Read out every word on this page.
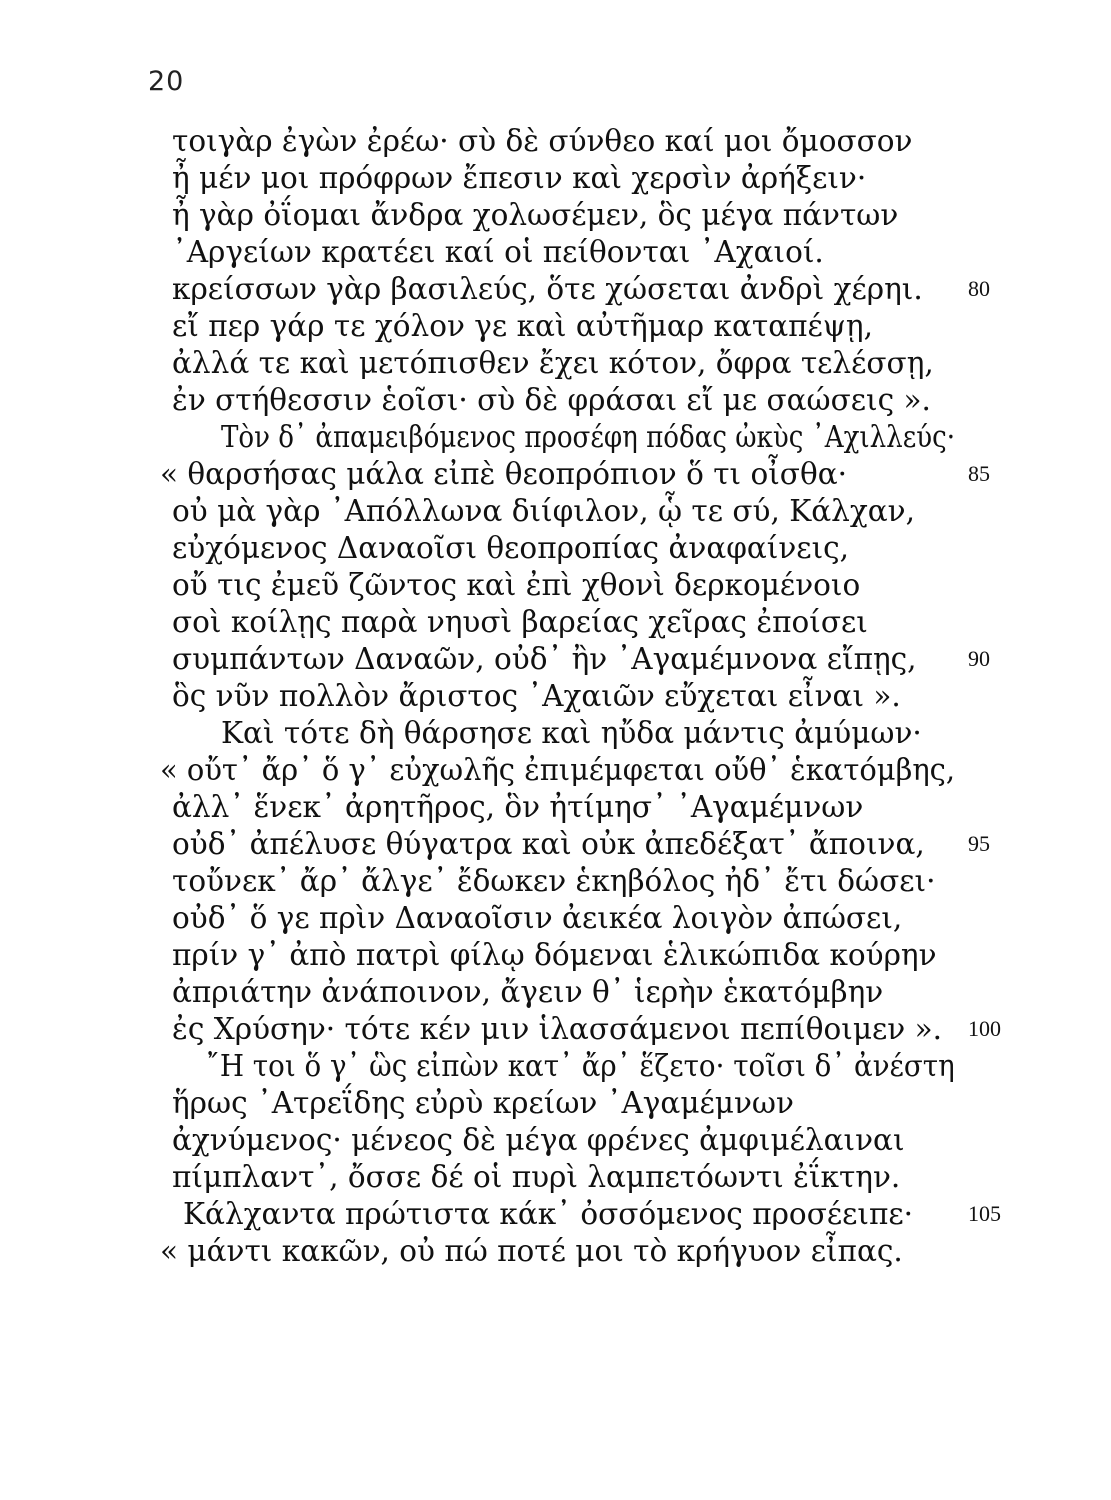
20
τοιγὰρ ἐγὼν ἐρέω· σὺ δὲ σύνθεο καί μοι ὄμοσσον
ἦ μέν μοι πρόφρων ἔπεσιν καὶ χερσὶν ἀρήξειν·
ἦ γὰρ ὀΐομαι ἄνδρα χολωσέμεν, ὃς μέγα πάντων
᾿Αργείων κρατέει καί οἱ πείθονται ᾿Αχαιοί.
κρείσσων γὰρ βασιλεύς, ὅτε χώσεται ἀνδρὶ χέρηι. 80
εἴ περ γάρ τε χόλον γε καὶ αὐτῆμαρ καταπέψῃ,
ἀλλά τε καὶ μετόπισθεν ἔχει κότον, ὄφρα τελέσσῃ,
ἐν στήθεσσιν ἑοῖσι· σὺ δὲ φράσαι εἴ με σαώσεις ».
Τὸν δ᾿ ἀπαμειβόμενος προσέφη πόδας ὠκὺς ᾿Αχιλλεύς·
« θαρσήσας μάλα εἰπὲ θεοπρόπιον ὅ τι οἶσθα·	85
οὐ μὰ γὰρ ᾿Απόλλωνα διίφιλον, ᾧ τε σύ, Κάλχαν,
εὐχόμενος Δαναοῖσι θεοπροπίας ἀναφαίνεις,
οὔ τις ἐμεῦ ζῶντος καὶ ἐπὶ χθονὶ δερκομένοιο
σοὶ κοίλῃς παρὰ νηυσὶ βαρείας χεῖρας ἐποίσει
συμπάντων Δαναῶν, οὐδ᾿ ἢν ᾿Αγαμέμνονα εἴπῃς, 90
ὃς νῦν πολλὸν ἄριστος ᾿Αχαιῶν εὔχεται εἶναι ».
Καὶ τότε δὴ θάρσησε καὶ ηὔδα μάντις ἀμύμων·
« οὔτ᾿ ἄρ᾿ ὅ γ᾿ εὐχωλῆς ἐπιμέμφεται οὔθ᾿ ἑκατόμβης,
ἀλλ᾿ ἕνεκ᾿ ἀρητῆρος, ὃν ἠτίμησ᾿ ᾿Αγαμέμνων
οὐδ᾿ ἀπέλυσε θύγατρα καὶ οὐκ ἀπεδέξατ᾿ ἄποινα, 95
τοὔνεκ᾿ ἄρ᾿ ἄλγε᾿ ἔδωκεν ἑκηβόλος ἠδ᾿ ἔτι δώσει·
οὐδ᾿ ὅ γε πρὶν Δαναοῖσιν ἀεικέα λοιγὸν ἀπώσει,
πρίν γ᾿ ἀπὸ πατρὶ φίλῳ δόμεναι ἑλικώπιδα κούρην
ἀπριάτην ἀνάποινον, ἄγειν θ᾿ ἱερὴν ἑκατόμβην
ἐς Χρύσην· τότε κέν μιν ἱλασσάμενοι πεπίθοιμεν ». 100
῎Η τοι ὅ γ᾿ ὣς εἰπὼν κατ᾿ ἄρ᾿ ἕζετο· τοῖσι δ᾿ ἀνέστη
ἥρως ᾿Ατρεΐδης εὐρὺ κρείων ᾿Αγαμέμνων
ἀχνύμενος· μένεος δὲ μέγα φρένες ἀμφιμέλαιναι
πίμπλαντ᾿, ὄσσε δέ οἱ πυρὶ λαμπετόωντι ἐΐκτην.
Κάλχαντα πρώτιστα κάκ᾿ ὀσσόμενος προσέειπε· 105
« μάντι κακῶν, οὐ πώ ποτέ μοι τὸ κρήγυον εἶπας.
